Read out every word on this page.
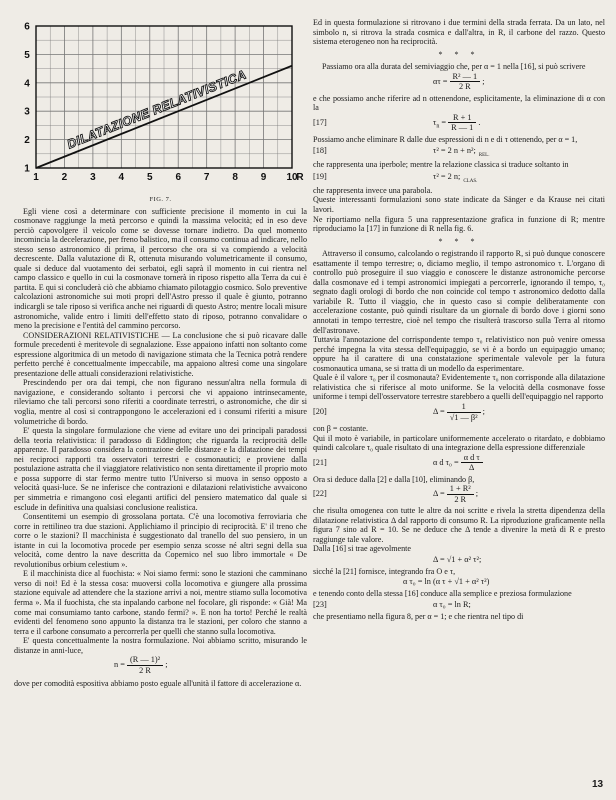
1
2
3
4
5
6
1 2 3 4 5 6 7 8 9 10
R
DILATAZIONE RELATIVISTICA
FIG. 7.

Egli viene così a determinare con sufficiente precisione il momento in cui la cosmonave raggiunge la metà percorso e quindi la massima velocità; ed in eso deve perciò capovolgere il veicolo come se dovesse tornare indietro. Da quel momento incomincia la decelerazione, per freno balistico, ma il consumo continua ad indicare, nello stesso senso astronomico di prima, il percorso che ora si va compiendo a velocità decrescente. Dalla valutazione di R, ottenuta misurando volumetricamente il consumo, quale si deduce dal vuotamento dei serbatoi, egli saprà il momento in cui rientra nel campo classico e quello in cui la cosmonave tornerà in riposo rispetto alla Terra da cui è partita. E qui si concluderà ciò che abbiamo chiamato pilotaggio cosmico. Solo preventive calcolazioni astronomiche sui moti propri dell'Astro presso il quale è giunto, potranno indicargli se tale riposo si verifica anche nei riguardi di questo Astro; mentre locali misure astronomiche, valide entro i limiti dell'effetto stato di riposo, potranno convalidare o meno la precisione e l'entità del cammino percorso.

CONSIDERAZIONI RELATIVISTICHE — La conclusione che si può ricavare dalle formule precedenti è meritevole di segnalazione. Esse appaiono infatti non soltanto come espressione algoritmica di un metodo di navigazione stimata che la Tecnica potrà rendere perfetto perché è concettualmente impeccabile, ma appaiono altresì come una singolare presentazione delle attuali considerazioni relativistiche.

Prescindendo per ora dai tempi, che non figurano nessun'altra nella formula di navigazione, e considerando soltanto i percorsi che vi appaiono intrinsecamente, rileviamo che tali percorsi sono riferiti a coordinate terrestri, o astronomiche, che dir si voglia, mentre al così si contrappongono le accelerazioni ed i consumi riferiti a misure volumetriche di bordo.

E' questa la singolare formulazione che viene ad evitare uno dei principali paradossi della teoria relativistica: il paradosso di Eddington; che riguarda la reciprocità delle apparenze. Il paradosso considera la contrazione delle distanze e la dilatazione dei tempi nei reciproci rapporti tra osservatori terrestri e cosmonautici; e proviene dalla postulazione astratta che il viaggiatore relativistico non senta direttamente il proprio moto e possa supporre di star fermo mentre tutto l'Universo si muova in senso opposto a velocità quasi-luce. Se ne inferisce che contrazioni e dilatazioni relativistiche avvaicono per simmetria e rimangono così eleganti artifici del pensiero matematico dal quale si esclude in definitiva una qualsiasi conclusione realistica.

Consentitemi un esempio di grossolana portata. C'è una locomotiva ferroviaria che corre in rettilineo tra due stazioni. Applichiamo il principio di reciprocità. E' il treno che corre o le stazioni? Il macchinista è suggestionato dal tranello del suo pensiero, in un istante in cui la locomotiva procede per esempio senza scosse né altri segni della sua velocità, come dentro la nave descritta da Copernico nel suo libro immortale « De revolutionibus orbium celestium ».

E il macchinista dice al fuochista: « Noi siamo fermi: sono le stazioni che camminano verso di noi! Ed è la stessa cosa: muoversi colla locomotiva e giungere alla prossima stazione equivale ad attendere che la stazione arrivi a noi, mentre stiamo sulla locomotiva ferma ». Ma il fuochista, che sta inpalando carbone nel focolare, gli risponde: « Già! Ma come mai consumiamo tanto carbone, stando fermi? ». E non ha torto! Perché le realtà evidenti del fenomeno sono appunto la distanza tra le stazioni, per coloro che stanno a terra e il carbone consumato a percorrerla per quelli che stanno sulla locomotiva.

E' questa concettualmente la nostra formulazione. Noi abbiamo scritto, misurando le distanze in anni-luce,

$n = \frac{\text{(R — 1)²}}{2 R}$ ;

dove per comodità espositiva abbiamo posto eguale all'unità il fattore di accelerazione α.

Ed in questa formulazione si ritrovano i due termini della strada ferrata. Da un lato, nel simbolo n, si ritrova la strada cosmica e dall'altra, in R, il carbone del razzo. Questo sistema eterogeneo non ha reciprocità.

* * *

Passiamo ora alla durata del semiviaggio che, per α = 1 nella [16], si può scrivere

$\alpha\tau = \frac{\text{R² — 1}}{2 R}$ ;

e che possiamo anche riferire ad n ottenendone, esplicitamente, la eliminazione di α con la

[17]	$\tau_n = \frac{R + 1}{R — 1}$ .

Possiamo anche eliminare R dalle due espressioni di n e di τ ottenendo, per α = 1,

[18]	τ² = 2 $n + n^2;_{REL.}$

che rappresenta una iperbole; mentre la relazione classica si traduce soltanto in

[19]	τ² = 2 $n;_{CLAS.}$

che rappresenta invece una parabola.

Queste interessanti formulazioni sono state indicate da Sänger e da Krause nei citati lavori.

Ne riportiamo nella figura 5 una rappresentazione grafica in funzione di R; mentre riproduciamo la [17] in funzione di R nella fig. 6.

* * *

Attraverso il consumo, calcolando o registrando il rapporto R, si può dunque conoscere esattamente il tempo terrestre; o, diciamo meglio, il tempo astronomico τ. L'organo di controllo può proseguire il suo viaggio e conoscere le distanze astronomiche percorse dalla cosmonave ed i tempi astronomici impiegati a percorrerle, ignorando il tempo, τ₀ segnato dagli orologi di bordo che non coincide col tempo τ astronomico dedotto dalla variabile R. Tutto il viaggio, che in questo caso si compie deliberatamente con accelerazione costante, può quindi risultare da un giornale di bordo dove i giorni sono annotati in tempo terrestre, cioè nel tempo che risulterà trascorso sulla Terra al ritorno dell'astronave.

Tuttavia l'annotazione del corrispondente tempo τ₀ relativistico non può venire omessa perché impegna la vita stessa dell'equipaggio, se vi è a bordo un equipaggio umano; oppure ha il carattere di una constatazione sperimentale valevole per la futura cosmonautica umana, se si tratta di un modello da esperimentare.

Quale è il valore τ₀ per il cosmonauta? Evidentemente τ₀ non corrisponde alla dilatazione relativistica che si riferisce al moto uniforme. Se la velocità della cosmonave fosse uniforme i tempi dell'osservatore terrestre starebbero a quelli dell'equipaggio nel rapporto

[20]	$\Delta = \frac{1}{\text{√1 — β²}}$ ;

con β = costante.

Qui il moto è variabile, in particolare uniformemente accelerato o ritardato, e dobbiamo quindi calcolare τ₀ quale risultato di una integrazione della espressione differenziale

[21]	α d $\tau_0 = \frac{\text{α d τ}}{\Delta}$

Ora si deduce dalla [2] e dalla [10], eliminando β,

[22]	$\Delta = \frac{\text{1 + R²}}{2 R}$ ;

che risulta omogenea con tutte le altre da noi scritte e rivela la stretta dipendenza della dilatazione relativistica Δ dal rapporto di consumo R. La riproduzione graficamente nella figura 7 sino ad R = 10. Se ne deduce che Δ tende a divenire la metà di R e presto raggiunge tale valore.

Dalla [16] si trae agevolmente

Δ = √1 + α² τ²;

sicché la [21] fornisce, integrando fra O e τ,

α τ₀ = ln (α τ + √1 + α² τ²)

e tenendo conto della stessa [16] conduce alla semplice e preziosa formulazione

[23]	α τ₀ = ln R;

che presentiamo nella figura 8, per α = 1; e che rientra nel tipo di

13
